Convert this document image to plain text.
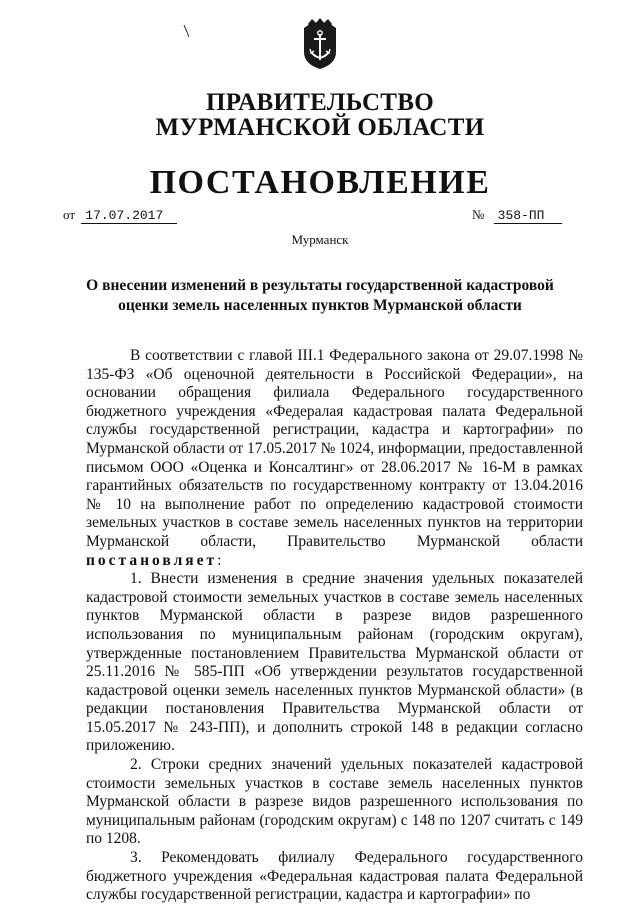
ПРАВИТЕЛЬСТВО
МУРМАНСКОЙ ОБЛАСТИ
ПОСТАНОВЛЕНИЕ
от 17.07.2017	№ 358-ПП
Мурманск
О внесении изменений в результаты государственной кадастровой
оценки земель населенных пунктов Мурманской области

В соответствии с главой III.1 Федерального закона от 29.07.1998 № 135-ФЗ «Об оценочной деятельности в Российской Федерации», на основании обращения филиала Федерального государственного бюджетного учреждения «Федералая кадастровая палата Федеральной службы государственной регистрации, кадастра и картографии» по Мурманской области от 17.05.2017 № 1024, информации, предоставленной письмом ООО «Оценка и Консалтинг» от 28.06.2017 № 16-М в рамках гарантийных обязательств по государственному контракту от 13.04.2016 № 10 на выполнение работ по определению кадастровой стоимости земельных участков в составе земель населенных пунктов на территории Мурманской области, Правительство Мурманской области постановляет:

1. Внести изменения в средние значения удельных показателей кадастровой стоимости земельных участков в составе земель населенных пунктов Мурманской области в разрезе видов разрешенного использования по муниципальным районам (городским округам), утвержденные постановлением Правительства Мурманской области от 25.11.2016 № 585-ПП «Об утверждении результатов государственной кадастровой оценки земель населенных пунктов Мурманской области» (в редакции постановления Правительства Мурманской области от 15.05.2017 № 243-ПП), и дополнить строкой 148 в редакции согласно приложению.

2. Строки средних значений удельных показателей кадастровой стоимости земельных участков в составе земель населенных пунктов Мурманской области в разрезе видов разрешенного использования по муниципальным районам (городским округам) с 148 по 1207 считать с 149 по 1208.

3. Рекомендовать филиалу Федерального государственного бюджетного учреждения «Федеральная кадастровая палата Федеральной службы государственной регистрации, кадастра и картографии» по
